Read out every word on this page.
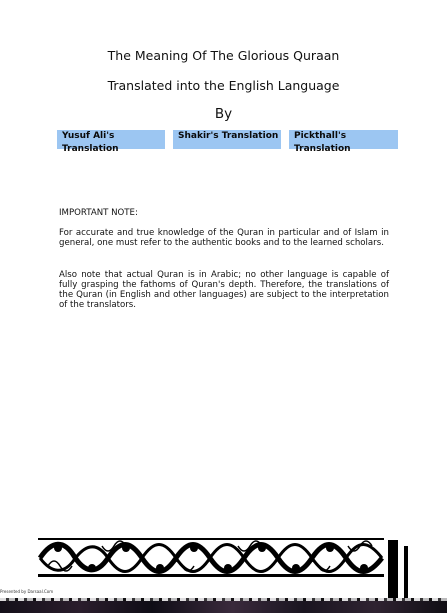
The Meaning Of The Glorious Quraan
Translated into the English Language
By
Yusuf Ali's Translation
Shakir's Translation	Pickthall's Translation
IMPORTANT NOTE:
For accurate and true knowledge of the Quran in particular and of Islam in general, one must refer to the authentic books and to the learned scholars.
Also note that actual Quran is in Arabic; no other language is capable of fully grasping the fathoms of Quran's depth. Therefore, the translations of the Quran (in English and other languages) are subject to the interpretation of the translators.
Presented by Darsaal.Com
